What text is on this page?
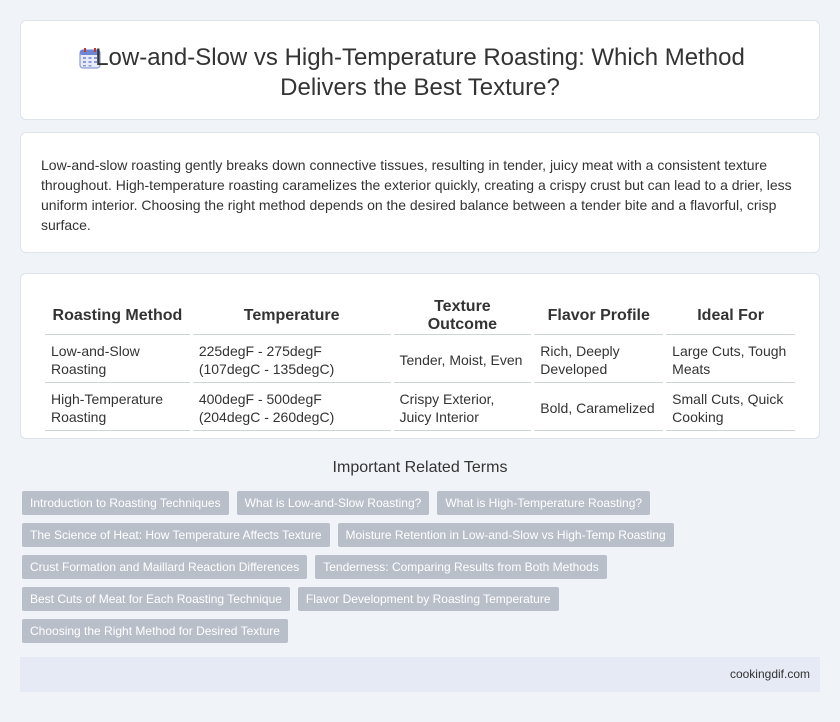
Low-and-Slow vs High-Temperature Roasting: Which Method
Delivers the Best Texture?

Low-and-slow roasting gently breaks down connective tissues, resulting in tender, juicy meat with a consistent texture throughout. High-temperature roasting caramelizes the exterior quickly, creating a crispy crust but can lead to a drier, less uniform interior. Choosing the right method depends on the desired balance between a tender bite and a flavorful, crisp surface.

Roasting Method	Temperature	Texture Outcome	Flavor Profile	Ideal For
Low-and-Slow Roasting	225degF - 275degF (107degC - 135degC)	Tender, Moist, Even	Rich, Deeply Developed	Large Cuts, Tough Meats
High-Temperature Roasting	400degF - 500degF (204degC - 260degC)	Crispy Exterior, Juicy Interior	Bold, Caramelized	Small Cuts, Quick Cooking
Important Related Terms
Introduction to Roasting Techniques	What is Low-and-Slow Roasting?	What is High-Temperature Roasting?
The Science of Heat: How Temperature Affects Texture	Moisture Retention in Low-and-Slow vs High-Temp Roasting
Crust Formation and Maillard Reaction Differences	Tenderness: Comparing Results from Both Methods
Best Cuts of Meat for Each Roasting Technique	Flavor Development by Roasting Temperature
Choosing the Right Method for Desired Texture
cookingdif.com
